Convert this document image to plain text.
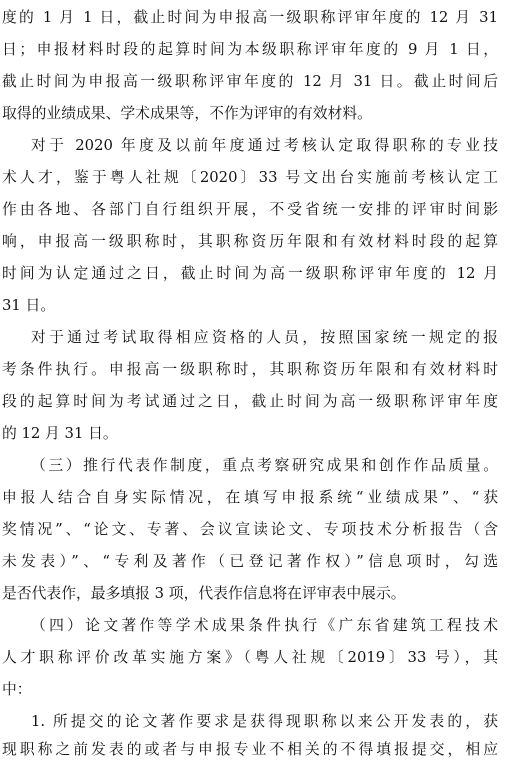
度的 1 月 1 日，截止时间为申报高一级职称评审年度的 12 月 31
日；申报材料时段的起算时间为本级职称评审年度的 9 月 1 日，
截止时间为申报高一级职称评审年度的 12 月 31 日。截止时间后
取得的业绩成果、学术成果等，不作为评审的有效材料。
对于 2020 年度及以前年度通过考核认定取得职称的专业技
术人才，鉴于粤人社规〔2020〕33 号文出台实施前考核认定工
作由各地、各部门自行组织开展，不受省统一安排的评审时间影
响，申报高一级职称时，其职称资历年限和有效材料时段的起算
时间为认定通过之日，截止时间为高一级职称评审年度的 12 月
31 日。
对于通过考试取得相应资格的人员，按照国家统一规定的报
考条件执行。申报高一级职称时，其职称资历年限和有效材料时
段的起算时间为考试通过之日，截止时间为高一级职称评审年度
的 12 月 31 日。
（三）推行代表作制度，重点考察研究成果和创作作品质量。
申报人结合自身实际情况，在填写申报系统“业绩成果”、“获
奖情况”、“论文、专著、会议宣读论文、专项技术分析报告（含
未发表）”、“专利及著作（已登记著作权）”信息项时，勾选
是否代表作，最多填报 3 项，代表作信息将在评审表中展示。
（四）论文著作等学术成果条件执行《广东省建筑工程技术
人才职称评价改革实施方案》（粤人社规〔2019〕33 号），其
中：
1. 所提交的论文著作要求是获得现职称以来公开发表的，获
现职称之前发表的或者与申报专业不相关的不得填报提交，相应
